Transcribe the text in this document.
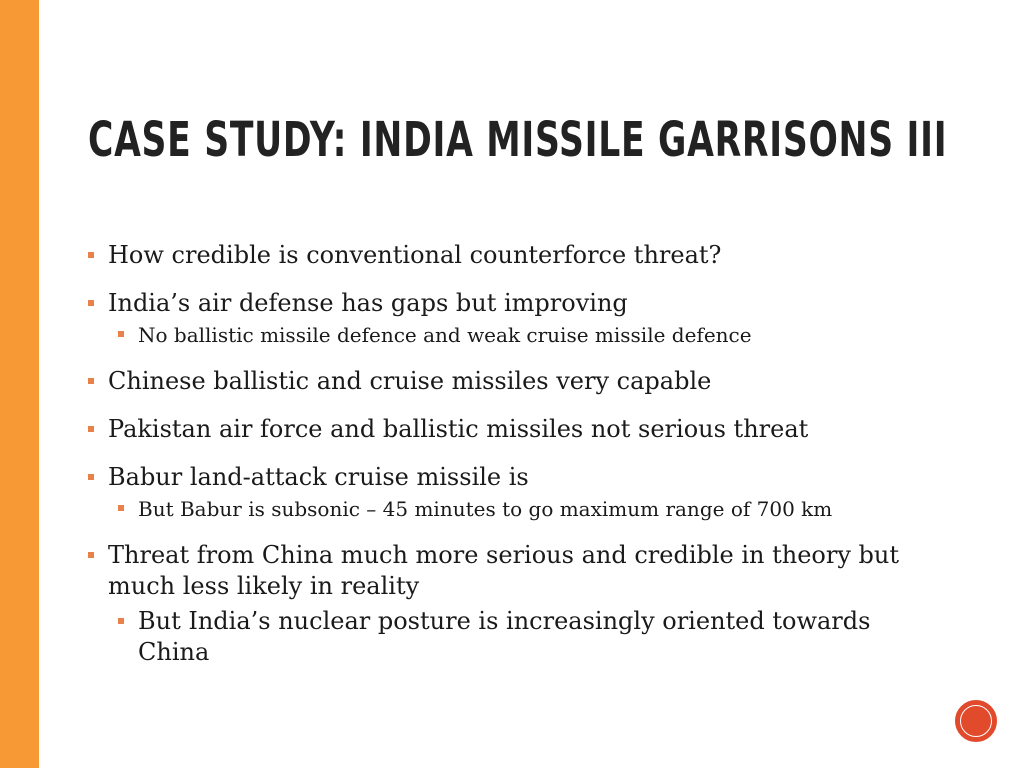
CASE STUDY: INDIA MISSILE GARRISONS III
How credible is conventional counterforce threat?
India’s air defense has gaps but improving
No ballistic missile defence and weak cruise missile defence
Chinese ballistic and cruise missiles very capable
Pakistan air force and ballistic missiles not serious threat
Babur land-attack cruise missile is
But Babur is subsonic – 45 minutes to go maximum range of 700 km
Threat from China much more serious and credible in theory but much less likely in reality
But India’s nuclear posture is increasingly oriented towards China
